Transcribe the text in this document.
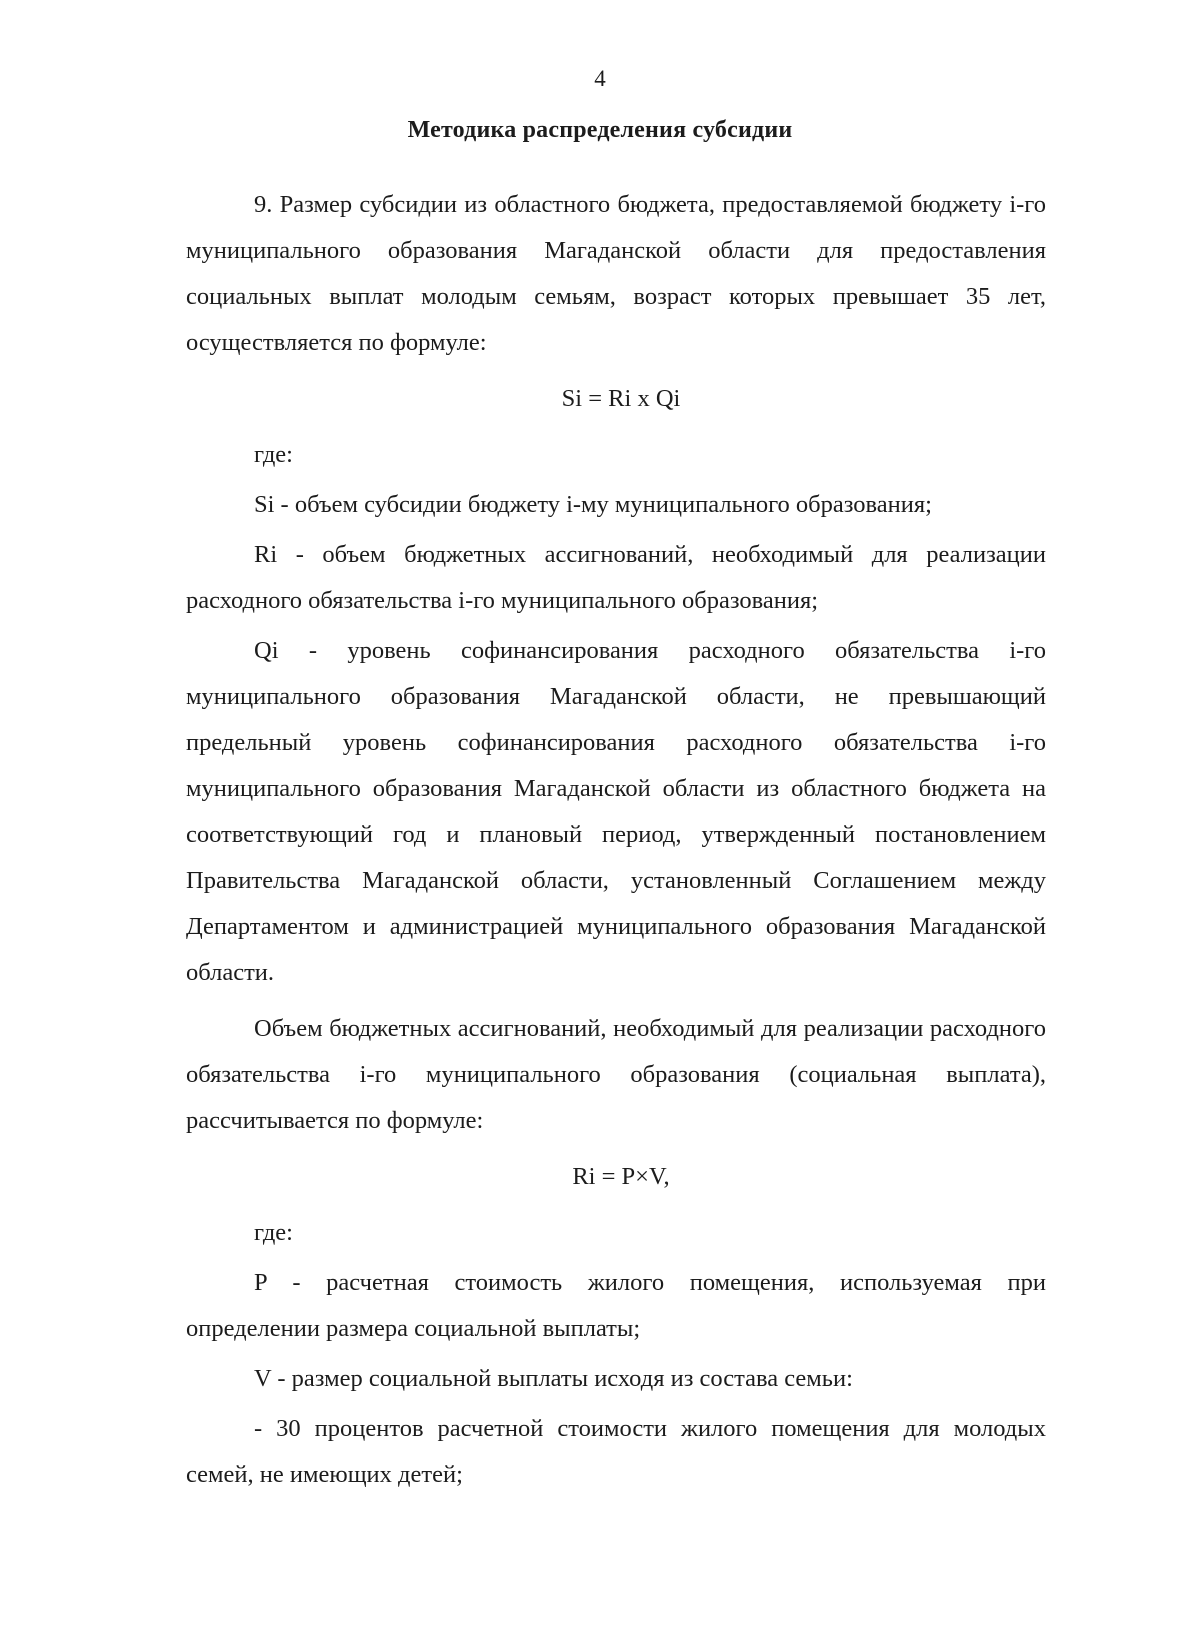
4
Методика распределения субсидии

9. Размер субсидии из областного бюджета, предоставляемой бюджету i-го муниципального образования Магаданской области для предоставления социальных выплат молодым семьям, возраст которых превышает 35 лет, осуществляется по формуле:

Si = Ri x Qi

где:

Si - объем субсидии бюджету i-му муниципального образования;

Ri - объем бюджетных ассигнований, необходимый для реализации расходного обязательства i-го муниципального образования;

Qi - уровень софинансирования расходного обязательства i-го муниципального образования Магаданской области, не превышающий предельный уровень софинансирования расходного обязательства i-го муниципального образования Магаданской области из областного бюджета на соответствующий год и плановый период, утвержденный постановлением Правительства Магаданской области, установленный Соглашением между Департаментом и администрацией муниципального образования Магаданской области.

Объем бюджетных ассигнований, необходимый для реализации расходного обязательства i-го муниципального образования (социальная выплата), рассчитывается по формуле:

Ri = P×V,

где:

P - расчетная стоимость жилого помещения, используемая при определении размера социальной выплаты;

V - размер социальной выплаты исходя из состава семьи:

- 30 процентов расчетной стоимости жилого помещения для молодых семей, не имеющих детей;
